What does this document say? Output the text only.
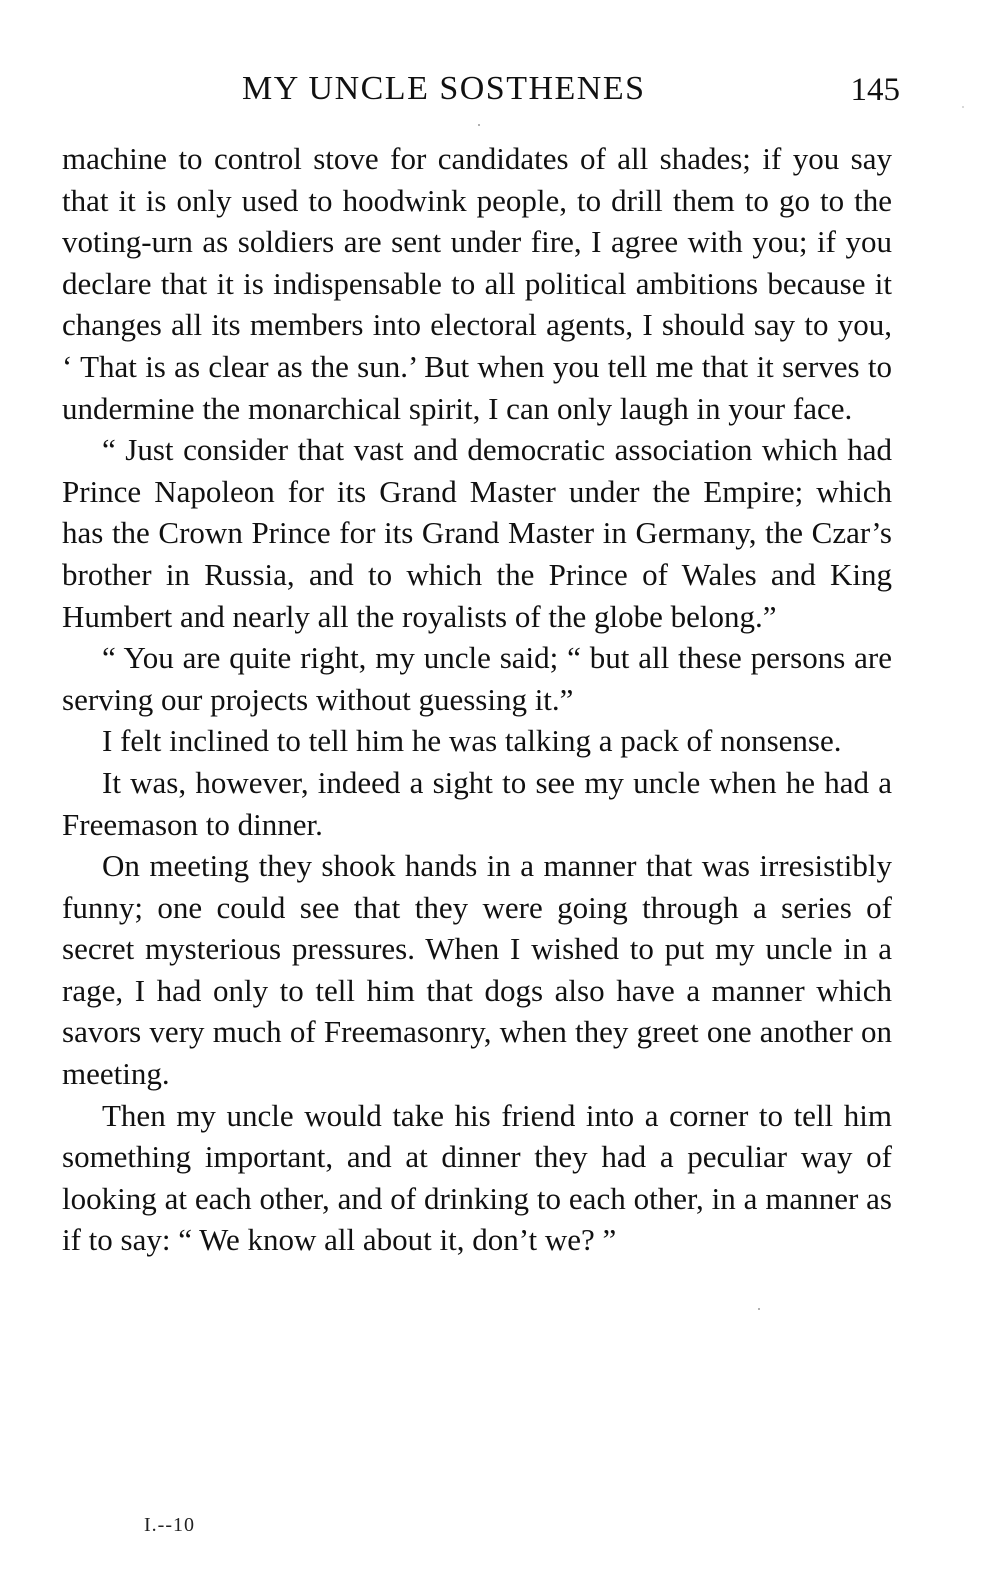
MY UNCLE SOSTHENES	145

machine to control stove for candidates of all shades; if you say that it is only used to hoodwink people, to drill them to go to the voting-urn as soldiers are sent under fire, I agree with you; if you declare that it is indispensable to all political ambitions because it changes all its members into electoral agents, I should say to you, ‘ That is as clear as the sun.’ But when you tell me that it serves to undermine the monarchical spirit, I can only laugh in your face.

“ Just consider that vast and democratic association which had Prince Napoleon for its Grand Master under the Empire; which has the Crown Prince for its Grand Master in Germany, the Czar’s brother in Russia, and to which the Prince of Wales and King Humbert and nearly all the royalists of the globe belong.”

“ You are quite right, my uncle said; “ but all these persons are serving our projects without guessing it.”

I felt inclined to tell him he was talking a pack of nonsense.

It was, however, indeed a sight to see my uncle when he had a Freemason to dinner.

On meeting they shook hands in a manner that was irresistibly funny; one could see that they were going through a series of secret mysterious pressures. When I wished to put my uncle in a rage, I had only to tell him that dogs also have a manner which savors very much of Freemasonry, when they greet one another on meeting.

Then my uncle would take his friend into a corner to tell him something important, and at dinner they had a peculiar way of looking at each other, and of drinking to each other, in a manner as if to say: “ We know all about it, don’t we? ”

I.--10
